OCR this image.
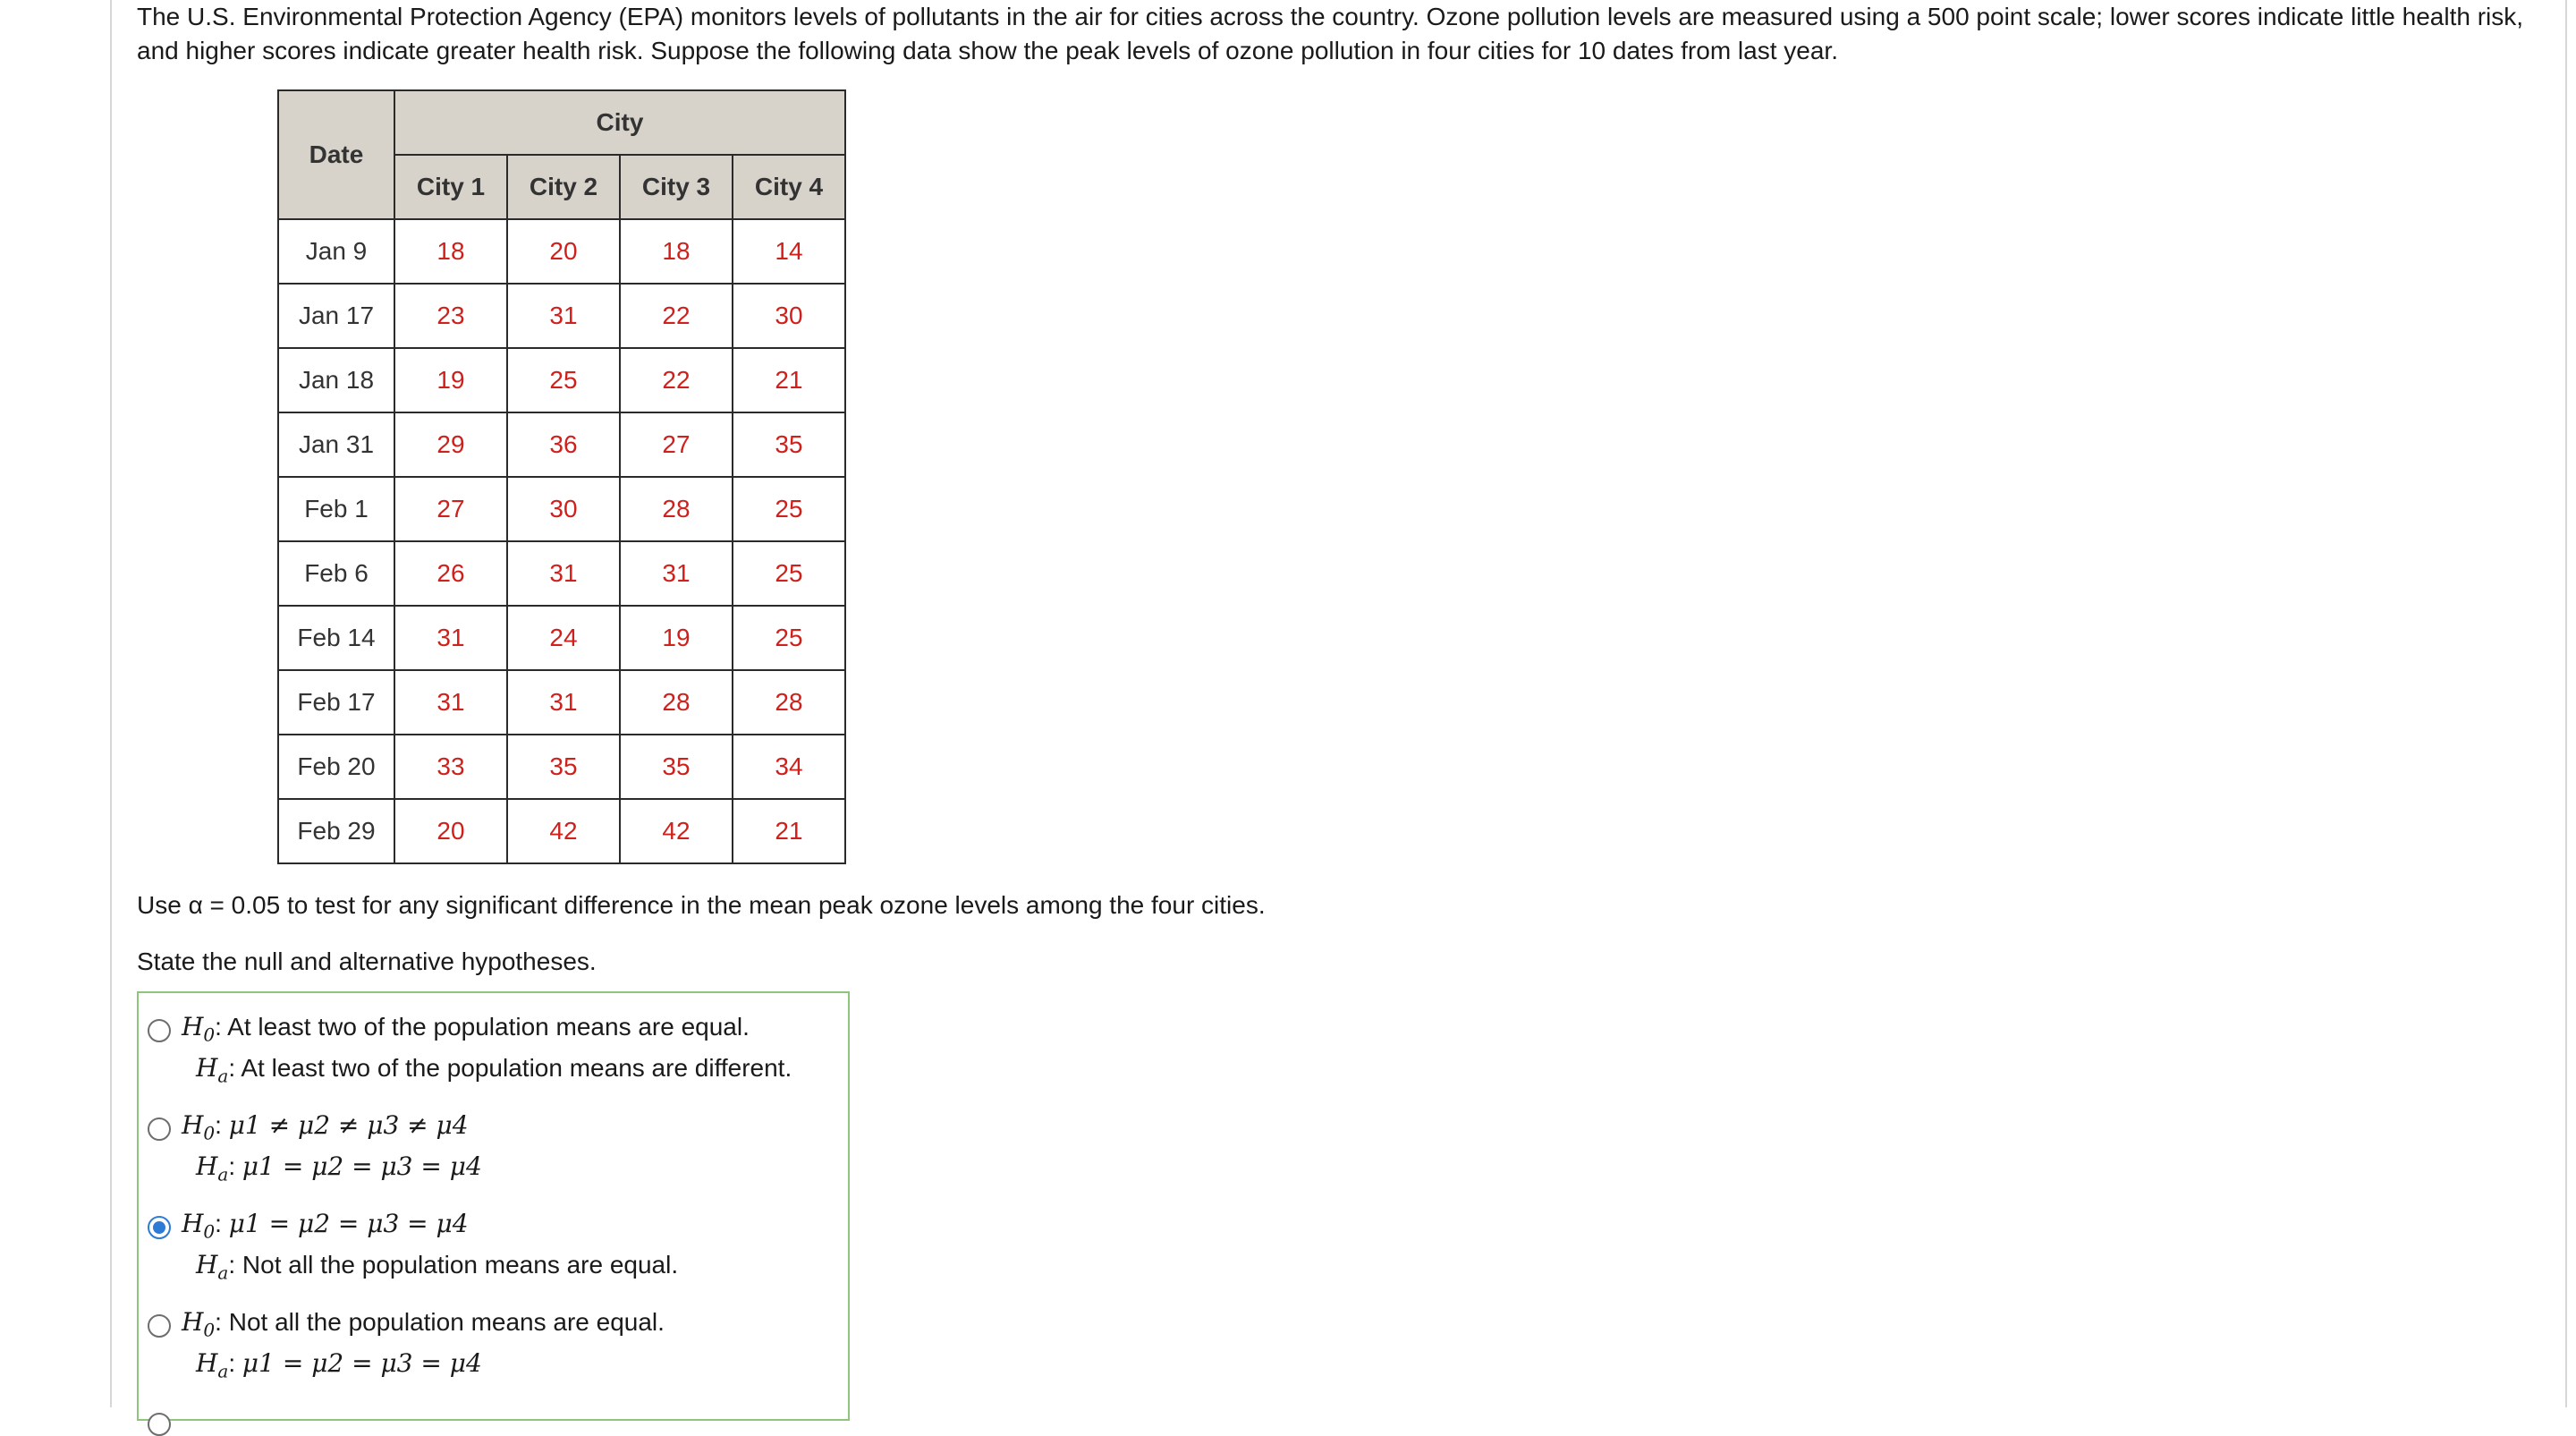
The U.S. Environmental Protection Agency (EPA) monitors levels of pollutants in the air for cities across the country. Ozone pollution levels are measured using a 500 point scale; lower scores indicate little health risk, and higher scores indicate greater health risk. Suppose the following data show the peak levels of ozone pollution in four cities for 10 dates from last year.
Date	City			
	City 1	City 2	City 3	City 4
Jan 9	18	20	18	14
Jan 17	23	31	22	30
Jan 18	19	25	22	21
Jan 31	29	36	27	35
Feb 1	27	30	28	25
Feb 6	26	31	31	25
Feb 14	31	24	19	25
Feb 17	31	31	28	28
Feb 20	33	35	35	34
Feb 29	20	42	42	21
Use α = 0.05 to test for any significant difference in the mean peak ozone levels among the four cities.
State the null and alternative hypotheses.
$H_0$: At least two of the population means are equal.
$H_a$: At least two of the population means are different.
$H_0$: μ1 ≠ μ2 ≠ μ3 ≠ μ4
$H_a$: μ1 = μ2 = μ3 = μ4
$H_0$: μ1 = μ2 = μ3 = μ4
$H_a$: Not all the population means are equal.
$H_0$: Not all the population means are equal.
$H_a$: μ1 = μ2 = μ3 = μ4
